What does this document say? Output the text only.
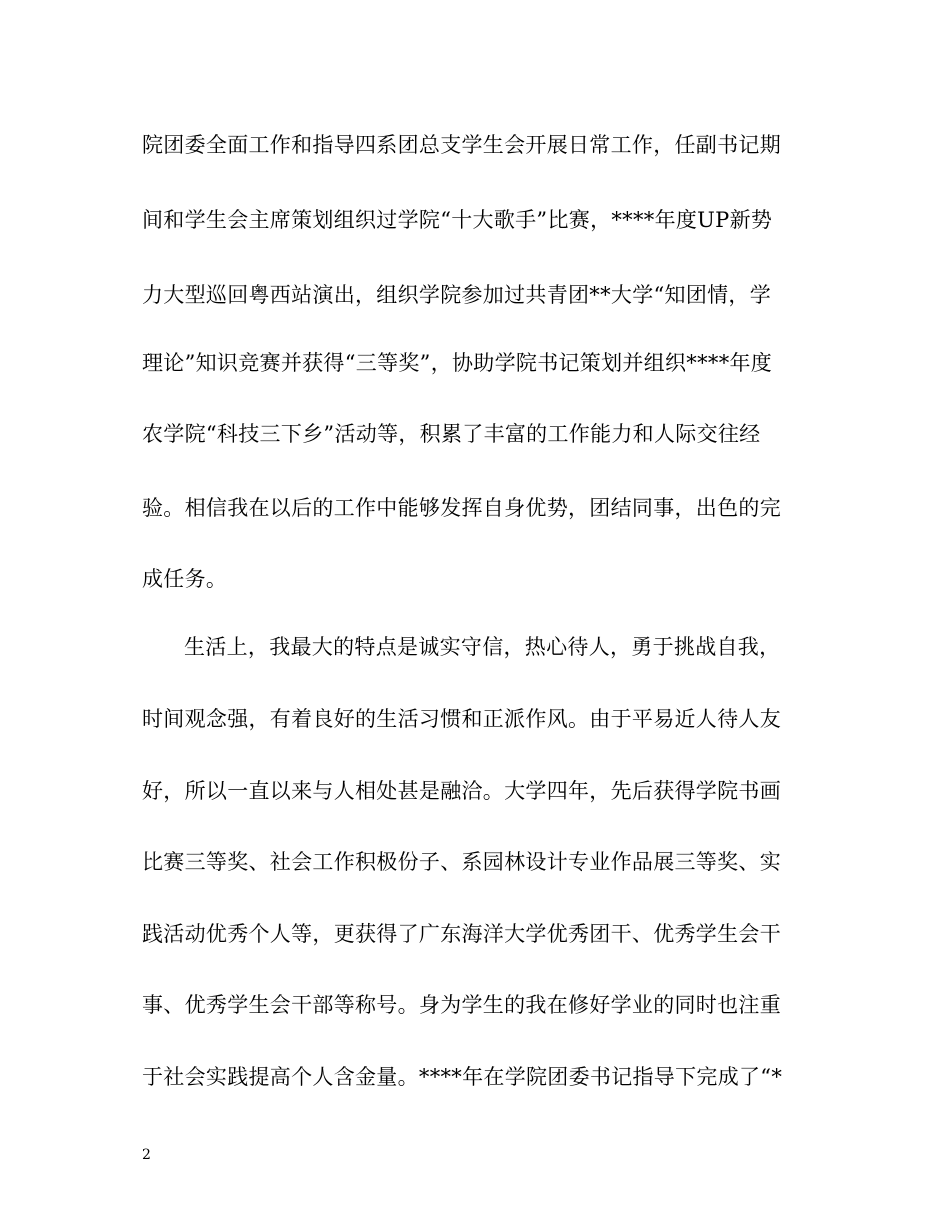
院团委全面工作和指导四系团总支学生会开展日常工作，任副书记期
间和学生会主席策划组织过学院“十大歌手”比赛，****年度UP新势
力大型巡回粤西站演出，组织学院参加过共青团**大学“知团情，学
理论”知识竞赛并获得“三等奖”，协助学院书记策划并组织****年度
农学院“科技三下乡”活动等，积累了丰富的工作能力和人际交往经
验。相信我在以后的工作中能够发挥自身优势，团结同事，出色的完
成任务。
生活上，我最大的特点是诚实守信，热心待人，勇于挑战自我，
时间观念强，有着良好的生活习惯和正派作风。由于平易近人待人友
好，所以一直以来与人相处甚是融洽。大学四年，先后获得学院书画
比赛三等奖、社会工作积极份子、系园林设计专业作品展三等奖、实
践活动优秀个人等，更获得了广东海洋大学优秀团干、优秀学生会干
事、优秀学生会干部等称号。身为学生的我在修好学业的同时也注重
于社会实践提高个人含金量。****年在学院团委书记指导下完成了“*
2
